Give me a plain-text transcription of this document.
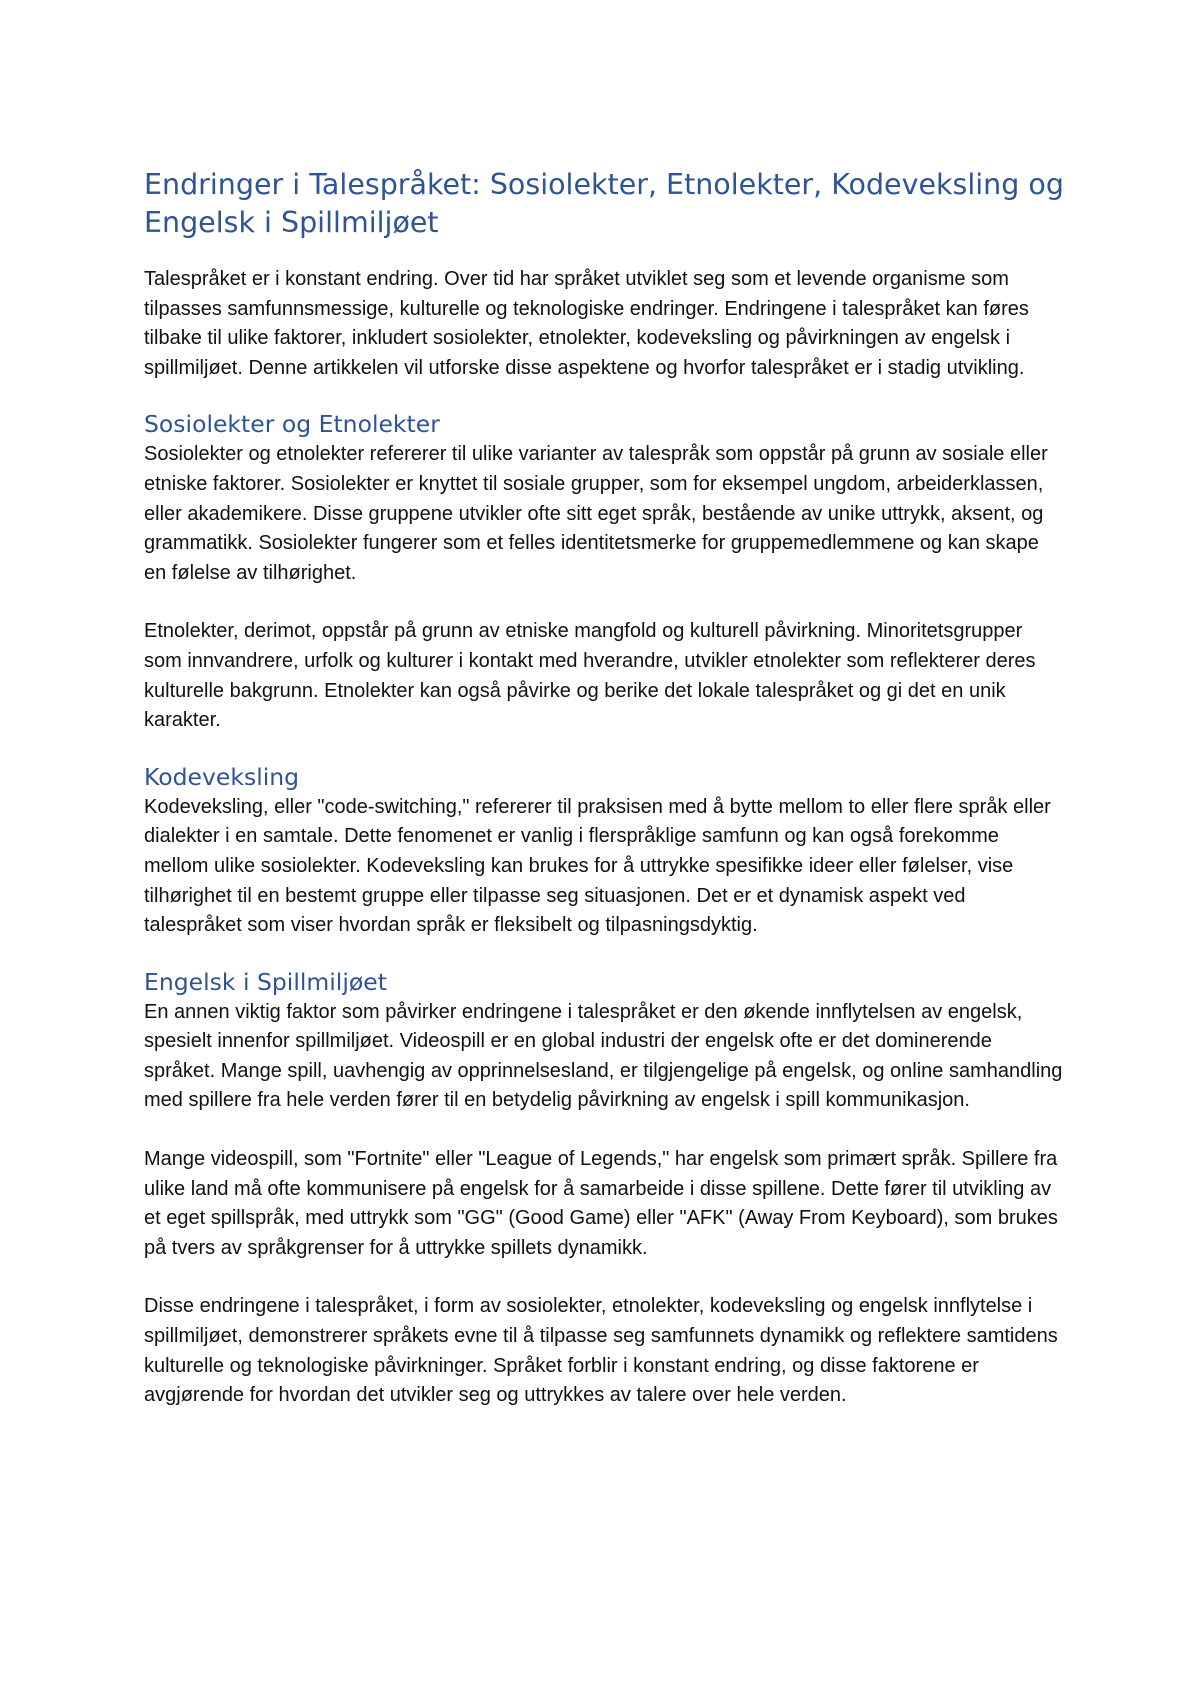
Endringer i Talespråket: Sosiolekter, Etnolekter, Kodeveksling og Engelsk i Spillmiljøet

Talespråket er i konstant endring. Over tid har språket utviklet seg som et levende organisme som tilpasses samfunnsmessige, kulturelle og teknologiske endringer. Endringene i talespråket kan føres tilbake til ulike faktorer, inkludert sosiolekter, etnolekter, kodeveksling og påvirkningen av engelsk i spillmiljøet. Denne artikkelen vil utforske disse aspektene og hvorfor talespråket er i stadig utvikling.

Sosiolekter og Etnolekter

Sosiolekter og etnolekter refererer til ulike varianter av talespråk som oppstår på grunn av sosiale eller etniske faktorer. Sosiolekter er knyttet til sosiale grupper, som for eksempel ungdom, arbeiderklassen, eller akademikere. Disse gruppene utvikler ofte sitt eget språk, bestående av unike uttrykk, aksent, og grammatikk. Sosiolekter fungerer som et felles identitetsmerke for gruppemedlemmene og kan skape en følelse av tilhørighet.

Etnolekter, derimot, oppstår på grunn av etniske mangfold og kulturell påvirkning. Minoritetsgrupper som innvandrere, urfolk og kulturer i kontakt med hverandre, utvikler etnolekter som reflekterer deres kulturelle bakgrunn. Etnolekter kan også påvirke og berike det lokale talespråket og gi det en unik karakter.

Kodeveksling

Kodeveksling, eller "code-switching," refererer til praksisen med å bytte mellom to eller flere språk eller dialekter i en samtale. Dette fenomenet er vanlig i flerspråklige samfunn og kan også forekomme mellom ulike sosiolekter. Kodeveksling kan brukes for å uttrykke spesifikke ideer eller følelser, vise tilhørighet til en bestemt gruppe eller tilpasse seg situasjonen. Det er et dynamisk aspekt ved talespråket som viser hvordan språk er fleksibelt og tilpasningsdyktig.

Engelsk i Spillmiljøet

En annen viktig faktor som påvirker endringene i talespråket er den økende innflytelsen av engelsk, spesielt innenfor spillmiljøet. Videospill er en global industri der engelsk ofte er det dominerende språket. Mange spill, uavhengig av opprinnelsesland, er tilgjengelige på engelsk, og online samhandling med spillere fra hele verden fører til en betydelig påvirkning av engelsk i spill kommunikasjon.

Mange videospill, som "Fortnite" eller "League of Legends," har engelsk som primært språk. Spillere fra ulike land må ofte kommunisere på engelsk for å samarbeide i disse spillene. Dette fører til utvikling av et eget spillspråk, med uttrykk som "GG" (Good Game) eller "AFK" (Away From Keyboard), som brukes på tvers av språkgrenser for å uttrykke spillets dynamikk.

Disse endringene i talespråket, i form av sosiolekter, etnolekter, kodeveksling og engelsk innflytelse i spillmiljøet, demonstrerer språkets evne til å tilpasse seg samfunnets dynamikk og reflektere samtidens kulturelle og teknologiske påvirkninger. Språket forblir i konstant endring, og disse faktorene er avgjørende for hvordan det utvikler seg og uttrykkes av talere over hele verden.
